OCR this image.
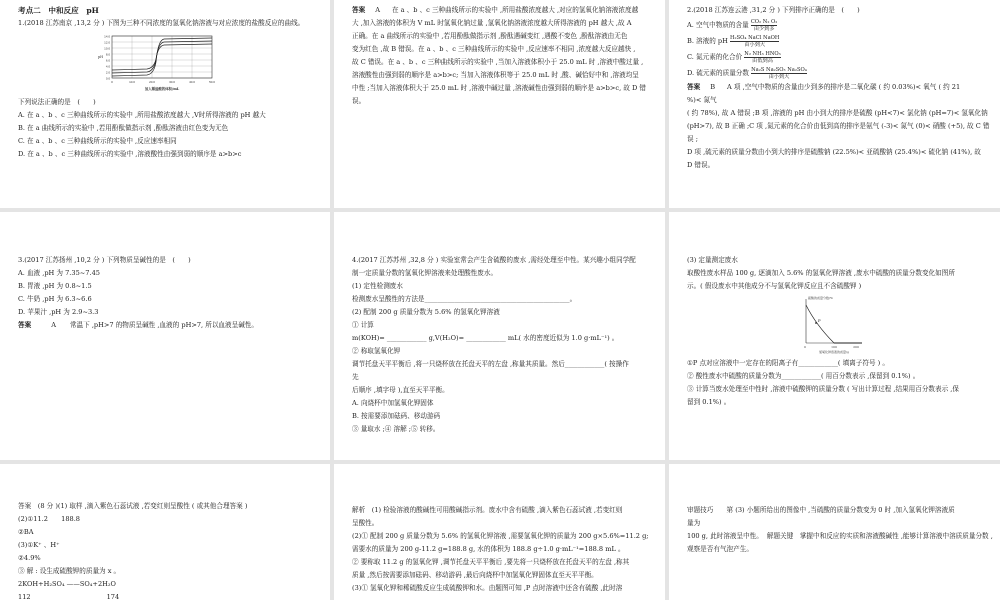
考点二　中和反应　pH
1.(2018 江苏南京 ,13,2 分 ) 下图为三种不同浓度的氢氧化钠溶液与对应浓度的盐酸反应的曲线。
14.0
12.0
10.0
8.0
6.0
4.0
2.0
0.0
pH
0	10.0	20.0	30.0	40.0	50.0
加入稀盐酸的体积/mL
下列说法正确的是　(　　)
A. 在 a 、b 、c 三种曲线所示的实验中 ,所用盐酸浓度越大 ,V时所得溶液的 pH 越大
B. 在 a 曲线所示的实验中 ,若用酚酞做指示剂 ,酚酞溶液由红色变为无色
C. 在 a 、b 、c 三种曲线所示的实验中 ,反应速率相同
D. 在 a 、b 、c 三种曲线所示的实验中 ,溶液酸性由强到弱的顺序是 a>b>c
答案 A 在 a 、b 、c 三种曲线所示的实验中 ,所用盐酸浓度越大 ,对应的氢氧化钠溶液浓度越
大 ,加入溶液的体积为 V mL 时氢氧化钠过量 ,氢氧化钠溶液浓度越大所得溶液的 pH 越大 ,故 A
正确。在 a 曲线所示的实验中 ,若用酚酞做指示剂 ,酚酞遇碱变红 ,遇酸不变色 ,酚酞溶液由无色
变为红色 ,故 B 错误。在 a 、b 、c 三种曲线所示的实验中 ,反应速率不相同 ,浓度越大反应越快 ,
故 C 错误。在 a 、b 、c 三种曲线所示的实验中 ,当加入溶液体积小于 25.0 mL 时 ,溶液中酸过量 ,
溶液酸性由强到弱的顺序是 a>b>c; 当加入溶液体积等于 25.0 mL 时 ,酸、碱恰好中和 ,溶液均呈
中性 ;当加入溶液体积大于 25.0 mL 时 ,溶液中碱过量 ,溶液碱性由强到弱的顺序是 a>b>c, 故 D 错
误。
2.(2018 江苏连云港 ,31,2 分 ) 下列排序正确的是　(　　)
A. 空气中物质的含量 $\frac{\text{CO₂ N₂ O₂}}{\text{由少到多}}$
B. 溶液的 pH $\frac{\text{H₂SO₄ NaCl NaOH}}{\text{由小到大}}$
C. 氮元素的化合价 $\frac{\text{N₂ NH₃ HNO₃}}{\text{由低到高}}$
D. 硫元素的质量分数 $\frac{\text{Na₂S Na₂SO₃ Na₂SO₄}}{\text{由小到大}}$
答案 B A 项 ,空气中物质的含量由少到多的排序是二氧化碳 ( 约 0.03%)< 氧气 ( 约 21
%)< 氮气
( 约 78%), 故 A 错误 ;B 项 ,溶液的 pH 由小到大的排序是硫酸 (pH<7)< 氯化钠 (pH=7)< 氢氧化钠
(pH>7), 故 B 正确 ;C 项 ,氮元素的化合价由低到高的排序是氨气 (-3)< 氮气 (0)< 硝酸 (+5), 故 C 错
误 ;
D 项 ,硫元素的质量分数由小到大的排序是硫酸钠 (22.5%)< 亚硫酸钠 (25.4%)< 硫化钠 (41%), 故
D 错误。
3.(2017 江苏扬州 ,10,2 分 ) 下列物质呈碱性的是　(　　)
A. 血液 ,pH 为 7.35~7.45
B. 胃液 ,pH 为 0.8~1.5
C. 牛奶 ,pH 为 6.3~6.6
D. 苹果汁 ,pH 为 2.9~3.3
答案	A 常温下 ,pH>7 的物质呈碱性 ,血液的 pH>7, 所以血液呈碱性。
4.(2017 江苏苏州 ,32,8 分 ) 实验室常会产生含硫酸的废水 ,需经处理至中性。某兴趣小组同学配
制一定质量分数的氢氧化钾溶液来处理酸性废水。
(1) 定性检测废水
检测废水呈酸性的方法是____________________________________________。
(2) 配制 200 g 质量分数为 5.6% 的氢氧化钾溶液
① 计算
m(KOH)= ____________ g,V(H₂O)= ____________ mL( 水的密度近似为 1.0 g·mL⁻¹) 。
② 称取氢氧化钾
调节托盘天平平衡后 ,将一只烧杯放在托盘天平的左盘 ,称量其质量。然后____________( 按操作
先
后顺序 ,填字母 ),直至天平平衡。
A. 向烧杯中加氢氧化钾固体
B. 按需要添加砝码、移动游码
③ 量取水 ;④ 溶解 ;⑤ 转移。
(3) 定量测定废水
取酸性废水样品 100 g, 逐滴加入 5.6% 的氢氧化钾溶液 ,废水中硫酸的质量分数变化如图所
示。( 假设废水中其他成分不与氢氧化钾反应且不含硫酸钾 )
P
硫酸的质量分数/%
0	100	200
氢氧化钾溶液的质量/g
①P 点对应溶液中一定存在的阳离子有____________( 填离子符号 ) 。
② 酸性废水中硫酸的质量分数为____________( 用百分数表示 ,保留到 0.1%) 。
③ 计算当废水处理至中性时 ,溶液中硫酸钾的质量分数 ( 写出计算过程 ,结果用百分数表示 ,保
留到 0.1%) 。
答案　(8 分 )(1) 取样 ,滴入紫色石蕊试液 ,若变红则呈酸性 ( 或其他合理答案 )
(2)①11.2　　188.8
②BA
(3)①K⁺ 、H⁺
②4.9%
③ 解 : 设生成硫酸钾的质量为 x 。
2KOH+H₂SO₄ ——SO₄+2H₂O
112	174
解析　(1) 检验溶液的酸碱性可用酸碱指示剂。废水中含有硫酸 ,滴入紫色石蕊试液 ,若变红则
呈酸性。
(2)① 配制 200 g 质量分数为 5.6% 的氢氧化钾溶液 ,需要氢氧化钾的质量为 200 g×5.6%=11.2 g;
需要水的质量为 200 g-11.2 g=188.8 g, 水的体积为 188.8 g÷1.0 g·mL⁻¹=188.8 mL 。
② 要称取 11.2 g 的氢氧化钾 ,调节托盘天平平衡后 ,要先将一只烧杯放在托盘天平的左盘 ,称其
质量 ,然后按需要添加砝码、移动游码 ,最后向烧杯中加氢氧化钾固体直至天平平衡。
(3)① 氢氧化钾和稀硫酸反应生成硫酸钾和水。由题图可知 ,P 点时溶液中还含有硫酸 ,此时溶
审题技巧　　第 (3) 小题所给出的图像中 ,当硫酸的质量分数变为 0 时 ,加入氢氧化钾溶液质
量为
100 g, 此时溶液呈中性。 解题关键　掌握中和反应的实质和溶液酸碱性 ,能够计算溶液中溶质质量分数 ,
观察是否有气泡产生。
